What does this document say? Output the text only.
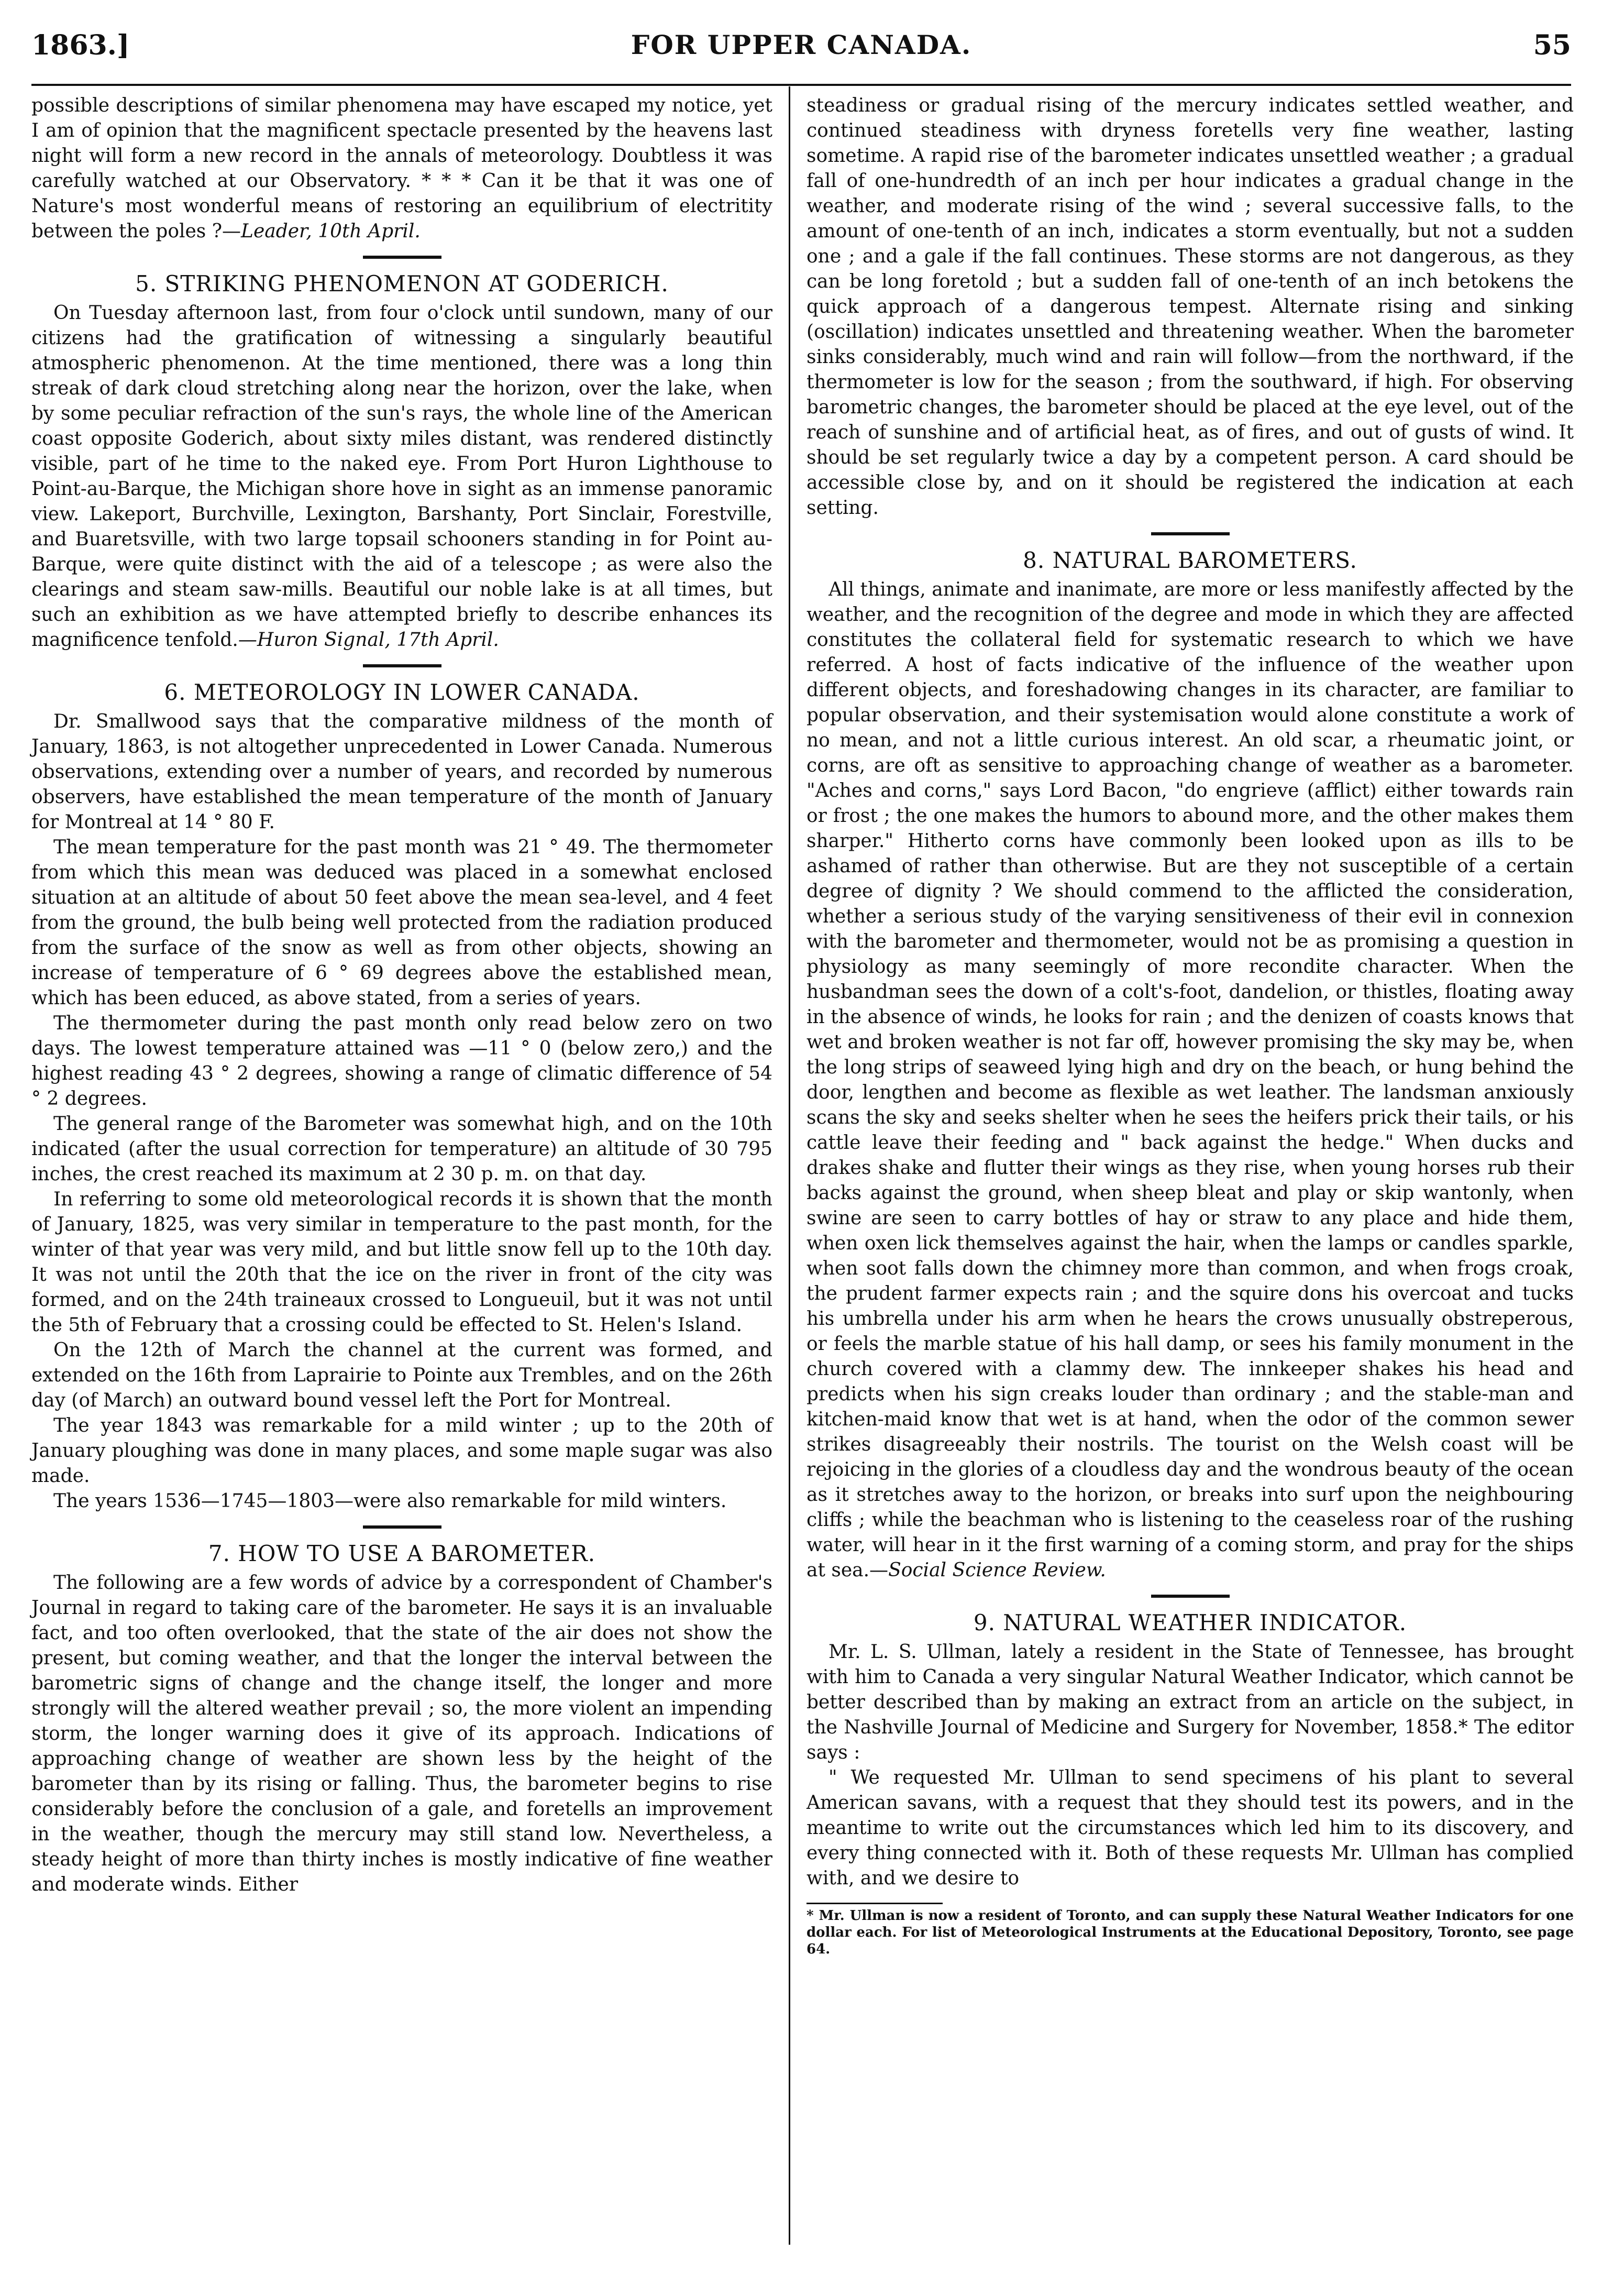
1863.]	FOR UPPER CANADA.	55

possible descriptions of similar phenomena may have escaped my notice, yet I am of opinion that the magnificent spectacle presented by the heavens last night will form a new record in the annals of meteorology. Doubtless it was carefully watched at our Observatory. * * * Can it be that it was one of Nature's most wonderful means of restoring an equilibrium of electritity between the poles ?—Leader, 10th April.

5. STRIKING PHENOMENON AT GODERICH.

On Tuesday afternoon last, from four o'clock until sundown, many of our citizens had the gratification of witnessing a singularly beautiful atmospheric phenomenon. At the time mentioned, there was a long thin streak of dark cloud stretching along near the horizon, over the lake, when by some peculiar refraction of the sun's rays, the whole line of the American coast opposite Goderich, about sixty miles distant, was rendered distinctly visible, part of he time to the naked eye. From Port Huron Lighthouse to Point-au-Barque, the Michigan shore hove in sight as an immense panoramic view. Lakeport, Burchville, Lexington, Barshanty, Port Sinclair, Forestville, and Buaretsville, with two large topsail schooners standing in for Point au-Barque, were quite distinct with the aid of a telescope ; as were also the clearings and steam saw-mills. Beautiful our noble lake is at all times, but such an exhibition as we have attempted briefly to describe enhances its magnificence tenfold.—Huron Signal, 17th April.

6. METEOROLOGY IN LOWER CANADA.

Dr. Smallwood says that the comparative mildness of the month of January, 1863, is not altogether unprecedented in Lower Canada. Numerous observations, extending over a number of years, and recorded by numerous observers, have established the mean temperature of the month of January for Montreal at 14 ° 80 F.

The mean temperature for the past month was 21 ° 49. The thermometer from which this mean was deduced was placed in a somewhat enclosed situation at an altitude of about 50 feet above the mean sea-level, and 4 feet from the ground, the bulb being well protected from the radiation produced from the surface of the snow as well as from other objects, showing an increase of temperature of 6 ° 69 degrees above the established mean, which has been educed, as above stated, from a series of years.

The thermometer during the past month only read below zero on two days. The lowest temperature attained was —11 ° 0 (below zero,) and the highest reading 43 ° 2 degrees, showing a range of climatic difference of 54 ° 2 degrees.

The general range of the Barometer was somewhat high, and on the 10th indicated (after the usual correction for temperature) an altitude of 30 795 inches, the crest reached its maximum at 2 30 p. m. on that day.

In referring to some old meteorological records it is shown that the month of January, 1825, was very similar in temperature to the past month, for the winter of that year was very mild, and but little snow fell up to the 10th day. It was not until the 20th that the ice on the river in front of the city was formed, and on the 24th traineaux crossed to Longueuil, but it was not until the 5th of February that a crossing could be effected to St. Helen's Island.

On the 12th of March the channel at the current was formed, and extended on the 16th from Laprairie to Pointe aux Trembles, and on the 26th day (of March) an outward bound vessel left the Port for Montreal.

The year 1843 was remarkable for a mild winter ; up to the 20th of January ploughing was done in many places, and some maple sugar was also made.

The years 1536—1745—1803—were also remarkable for mild winters.

7. HOW TO USE A BAROMETER.

The following are a few words of advice by a correspondent of Chamber's Journal in regard to taking care of the barometer. He says it is an invaluable fact, and too often overlooked, that the state of the air does not show the present, but coming weather, and that the longer the interval between the barometric signs of change and the change itself, the longer and more strongly will the altered weather prevail ; so, the more violent an impending storm, the longer warning does it give of its approach. Indications of approaching change of weather are shown less by the height of the barometer than by its rising or falling. Thus, the barometer begins to rise considerably before the conclusion of a gale, and foretells an improvement in the weather, though the mercury may still stand low. Nevertheless, a steady height of more than thirty inches is mostly indicative of fine weather and moderate winds. Either

steadiness or gradual rising of the mercury indicates settled weather, and continued steadiness with dryness foretells very fine weather, lasting sometime. A rapid rise of the barometer indicates unsettled weather ; a gradual fall of one-hundredth of an inch per hour indicates a gradual change in the weather, and moderate rising of the wind ; several successive falls, to the amount of one-tenth of an inch, indicates a storm eventually, but not a sudden one ; and a gale if the fall continues. These storms are not dangerous, as they can be long foretold ; but a sudden fall of one-tenth of an inch betokens the quick approach of a dangerous tempest. Alternate rising and sinking (oscillation) indicates unsettled and threatening weather. When the barometer sinks considerably, much wind and rain will follow—from the northward, if the thermometer is low for the season ; from the southward, if high. For observing barometric changes, the barometer should be placed at the eye level, out of the reach of sunshine and of artificial heat, as of fires, and out of gusts of wind. It should be set regularly twice a day by a competent person. A card should be accessible close by, and on it should be registered the indication at each setting.

8. NATURAL BAROMETERS.

All things, animate and inanimate, are more or less manifestly affected by the weather, and the recognition of the degree and mode in which they are affected constitutes the collateral field for systematic research to which we have referred. A host of facts indicative of the influence of the weather upon different objects, and foreshadowing changes in its character, are familiar to popular observation, and their systemisation would alone constitute a work of no mean, and not a little curious interest. An old scar, a rheumatic joint, or corns, are oft as sensitive to approaching change of weather as a barometer. "Aches and corns," says Lord Bacon, "do engrieve (afflict) either towards rain or frost ; the one makes the humors to abound more, and the other makes them sharper." Hitherto corns have commonly been looked upon as ills to be ashamed of rather than otherwise. But are they not susceptible of a certain degree of dignity ? We should commend to the afflicted the consideration, whether a serious study of the varying sensitiveness of their evil in connexion with the barometer and thermometer, would not be as promising a question in physiology as many seemingly of more recondite character. When the husbandman sees the down of a colt's-foot, dandelion, or thistles, floating away in the absence of winds, he looks for rain ; and the denizen of coasts knows that wet and broken weather is not far off, however promising the sky may be, when the long strips of seaweed lying high and dry on the beach, or hung behind the door, lengthen and become as flexible as wet leather. The landsman anxiously scans the sky and seeks shelter when he sees the heifers prick their tails, or his cattle leave their feeding and " back against the hedge." When ducks and drakes shake and flutter their wings as they rise, when young horses rub their backs against the ground, when sheep bleat and play or skip wantonly, when swine are seen to carry bottles of hay or straw to any place and hide them, when oxen lick themselves against the hair, when the lamps or candles sparkle, when soot falls down the chimney more than common, and when frogs croak, the prudent farmer expects rain ; and the squire dons his overcoat and tucks his umbrella under his arm when he hears the crows unusually obstreperous, or feels the marble statue of his hall damp, or sees his family monument in the church covered with a clammy dew. The innkeeper shakes his head and predicts when his sign creaks louder than ordinary ; and the stable-man and kitchen-maid know that wet is at hand, when the odor of the common sewer strikes disagreeably their nostrils. The tourist on the Welsh coast will be rejoicing in the glories of a cloudless day and the wondrous beauty of the ocean as it stretches away to the horizon, or breaks into surf upon the neighbouring cliffs ; while the beachman who is listening to the ceaseless roar of the rushing water, will hear in it the first warning of a coming storm, and pray for the ships at sea.—Social Science Review.

9. NATURAL WEATHER INDICATOR.

Mr. L. S. Ullman, lately a resident in the State of Tennessee, has brought with him to Canada a very singular Natural Weather Indicator, which cannot be better described than by making an extract from an article on the subject, in the Nashville Journal of Medicine and Surgery for November, 1858.* The editor says :

" We requested Mr. Ullman to send specimens of his plant to several American savans, with a request that they should test its powers, and in the meantime to write out the circumstances which led him to its discovery, and every thing connected with it. Both of these requests Mr. Ullman has complied with, and we desire to

* Mr. Ullman is now a resident of Toronto, and can supply these Natural Weather Indicators for one dollar each. For list of Meteorological Instruments at the Educational Depository, Toronto, see page 64.
